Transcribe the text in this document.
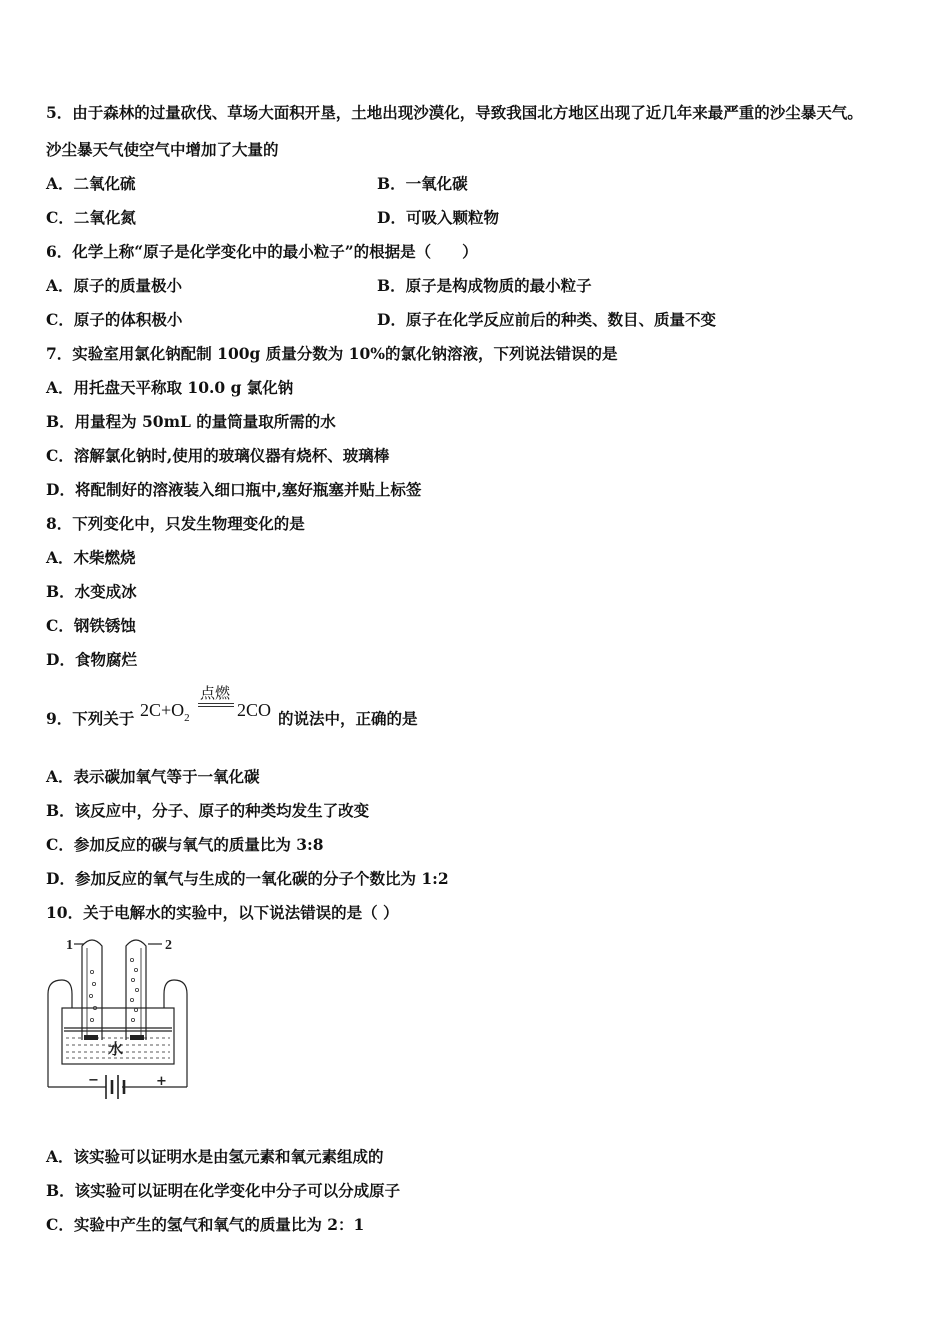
5．由于森林的过量砍伐、草场大面积开垦，土地出现沙漠化，导致我国北方地区出现了近几年来最严重的沙尘暴天气。
沙尘暴天气使空气中增加了大量的
A．二氧化硫	B．一氧化碳
C．二氧化氮	D．可吸入颗粒物
6．化学上称“原子是化学变化中的最小粒子”的根据是（　　）
A．原子的质量极小	B．原子是构成物质的最小粒子
C．原子的体积极小	D．原子在化学反应前后的种类、数目、质量不变
7．实验室用氯化钠配制 100g 质量分数为 10%的氯化钠溶液，下列说法错误的是
A．用托盘天平称取 10.0 g 氯化钠
B．用量程为 50mL 的量筒量取所需的水
C．溶解氯化钠时,使用的玻璃仪器有烧杯、玻璃棒
D．将配制好的溶液装入细口瓶中,塞好瓶塞并贴上标签
8．下列变化中，只发生物理变化的是
A．木柴燃烧
B．水变成冰
C．钢铁锈蚀
D．食物腐烂
9．下列关于 $2C+O_2$
点燃
2CO 的说法中，正确的是
A．表示碳加氧气等于一氧化碳
B．该反应中，分子、原子的种类均发生了改变
C．参加反应的碳与氧气的质量比为 3:8
D．参加反应的氧气与生成的一氧化碳的分子个数比为 1:2
10．关于电解水的实验中，以下说法错误的是（ ）
1	2
水
−	+
A．该实验可以证明水是由氢元素和氧元素组成的
B．该实验可以证明在化学变化中分子可以分成原子
C．实验中产生的氢气和氧气的质量比为 2：1
